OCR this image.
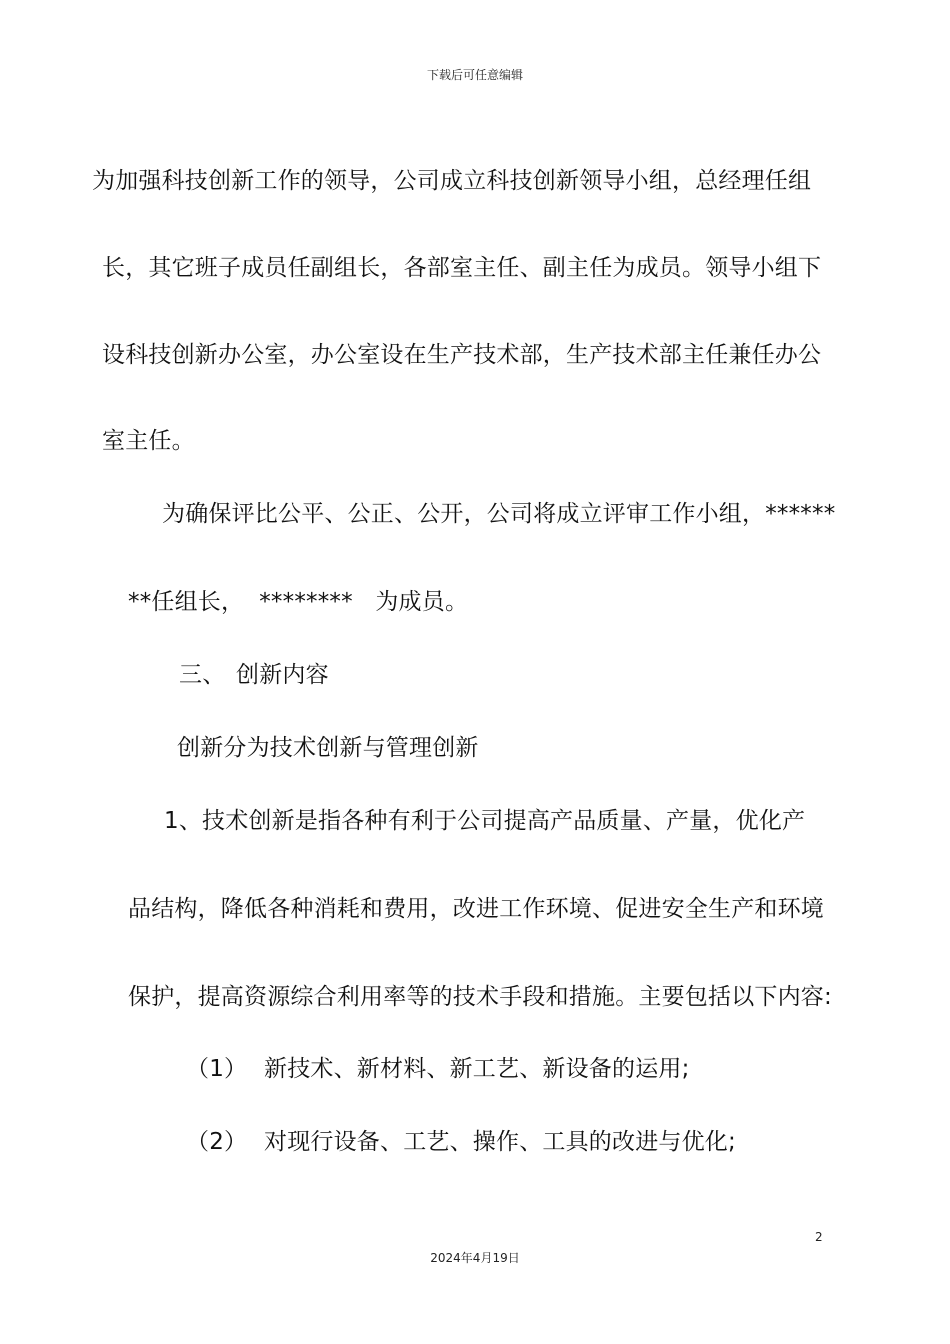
下载后可任意编辑
为加强科技创新工作的领导，公司成立科技创新领导小组，总经理任组
长，其它班子成员任副组长，各部室主任、副主任为成员。领导小组下
设科技创新办公室，办公室设在生产技术部，生产技术部主任兼任办公
室主任。
为确保评比公平、公正、公开，公司将成立评审工作小组，******
**任组长，  ********   为成员。
三、 创新内容
创新分为技术创新与管理创新
1、技术创新是指各种有利于公司提高产品质量、产量，优化产
品结构，降低各种消耗和费用，改进工作环境、促进安全生产和环境
保护，提高资源综合利用率等的技术手段和措施。主要包括以下内容:
（1） 新技术、新材料、新工艺、新设备的运用;
（2） 对现行设备、工艺、操作、工具的改进与优化;
2
2024年4月19日
